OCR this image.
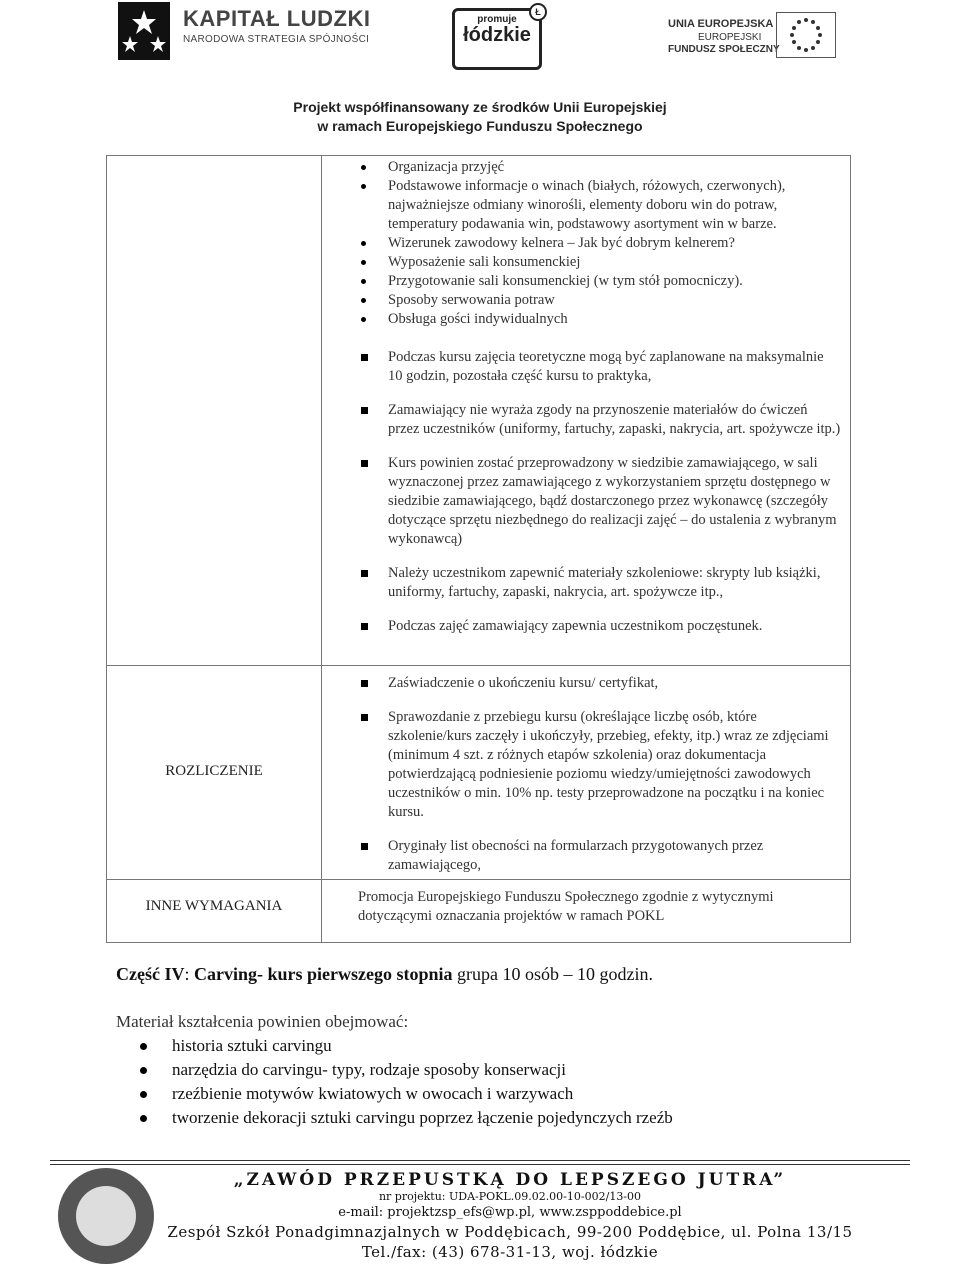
KAPITAŁ LUDZKI
NARODOWA STRATEGIA SPÓJNOŚCI
promuje
łódzkie
Ł
UNIA EUROPEJSKA
EUROPEJSKI
FUNDUSZ SPOŁECZNY
Projekt współfinansowany ze środków Unii Europejskiej
w ramach Europejskiego Funduszu Społecznego
ROZLICZENIE
INNE WYMAGANIA
Organizacja przyjęć
Podstawowe informacje o winach (białych, różowych, czerwonych), najważniejsze odmiany winorośli, elementy doboru win do potraw, temperatury podawania win, podstawowy asortyment win w barze.
Wizerunek zawodowy kelnera – Jak być dobrym kelnerem?
Wyposażenie sali konsumenckiej
Przygotowanie sali konsumenckiej (w tym stół pomocniczy).
Sposoby serwowania potraw
Obsługa gości indywidualnych
Podczas kursu zajęcia teoretyczne mogą być zaplanowane na maksymalnie 10 godzin, pozostała część kursu to praktyka,
Zamawiający nie wyraża zgody na przynoszenie materiałów do ćwiczeń przez uczestników (uniformy, fartuchy, zapaski, nakrycia, art. spożywcze itp.)
Kurs powinien zostać przeprowadzony w siedzibie zamawiającego, w sali wyznaczonej przez zamawiającego z wykorzystaniem sprzętu dostępnego w siedzibie zamawiającego, bądź dostarczonego przez wykonawcę (szczegóły dotyczące sprzętu niezbędnego do realizacji zajęć – do ustalenia z wybranym wykonawcą)
Należy uczestnikom zapewnić materiały szkoleniowe: skrypty lub książki, uniformy, fartuchy, zapaski, nakrycia, art. spożywcze itp.,
Podczas zajęć zamawiający zapewnia uczestnikom poczęstunek.
Zaświadczenie o ukończeniu kursu/ certyfikat,
Sprawozdanie z przebiegu kursu (określające liczbę osób, które szkolenie/kurs zaczęły i ukończyły, przebieg, efekty, itp.) wraz ze zdjęciami (minimum 4 szt. z różnych etapów szkolenia) oraz dokumentacja potwierdzającą podniesienie poziomu wiedzy/umiejętności zawodowych uczestników o min. 10% np. testy przeprowadzone na początku i na koniec kursu.
Oryginały list obecności na formularzach przygotowanych przez zamawiającego,
Promocja Europejskiego Funduszu Społecznego zgodnie z wytycznymi dotyczącymi oznaczania projektów w ramach POKL
Część IV: Carving- kurs pierwszego stopnia grupa 10 osób – 10 godzin.
Materiał kształcenia powinien obejmować:
historia sztuki carvingu
narzędzia do carvingu- typy, rodzaje sposoby konserwacji
rzeźbienie motywów kwiatowych w owocach i warzywach
tworzenie dekoracji sztuki carvingu poprzez łączenie pojedynczych rzeźb
„ZAWÓD PRZEPUSTKĄ DO LEPSZEGO JUTRA”
nr projektu: UDA-POKL.09.02.00-10-002/13-00
e-mail: projektzsp_efs@wp.pl, www.zsppoddebice.pl
Zespół Szkół Ponadgimnazjalnych w Poddębicach, 99-200 Poddębice, ul. Polna 13/15
Tel./fax: (43) 678-31-13, woj. łódzkie
